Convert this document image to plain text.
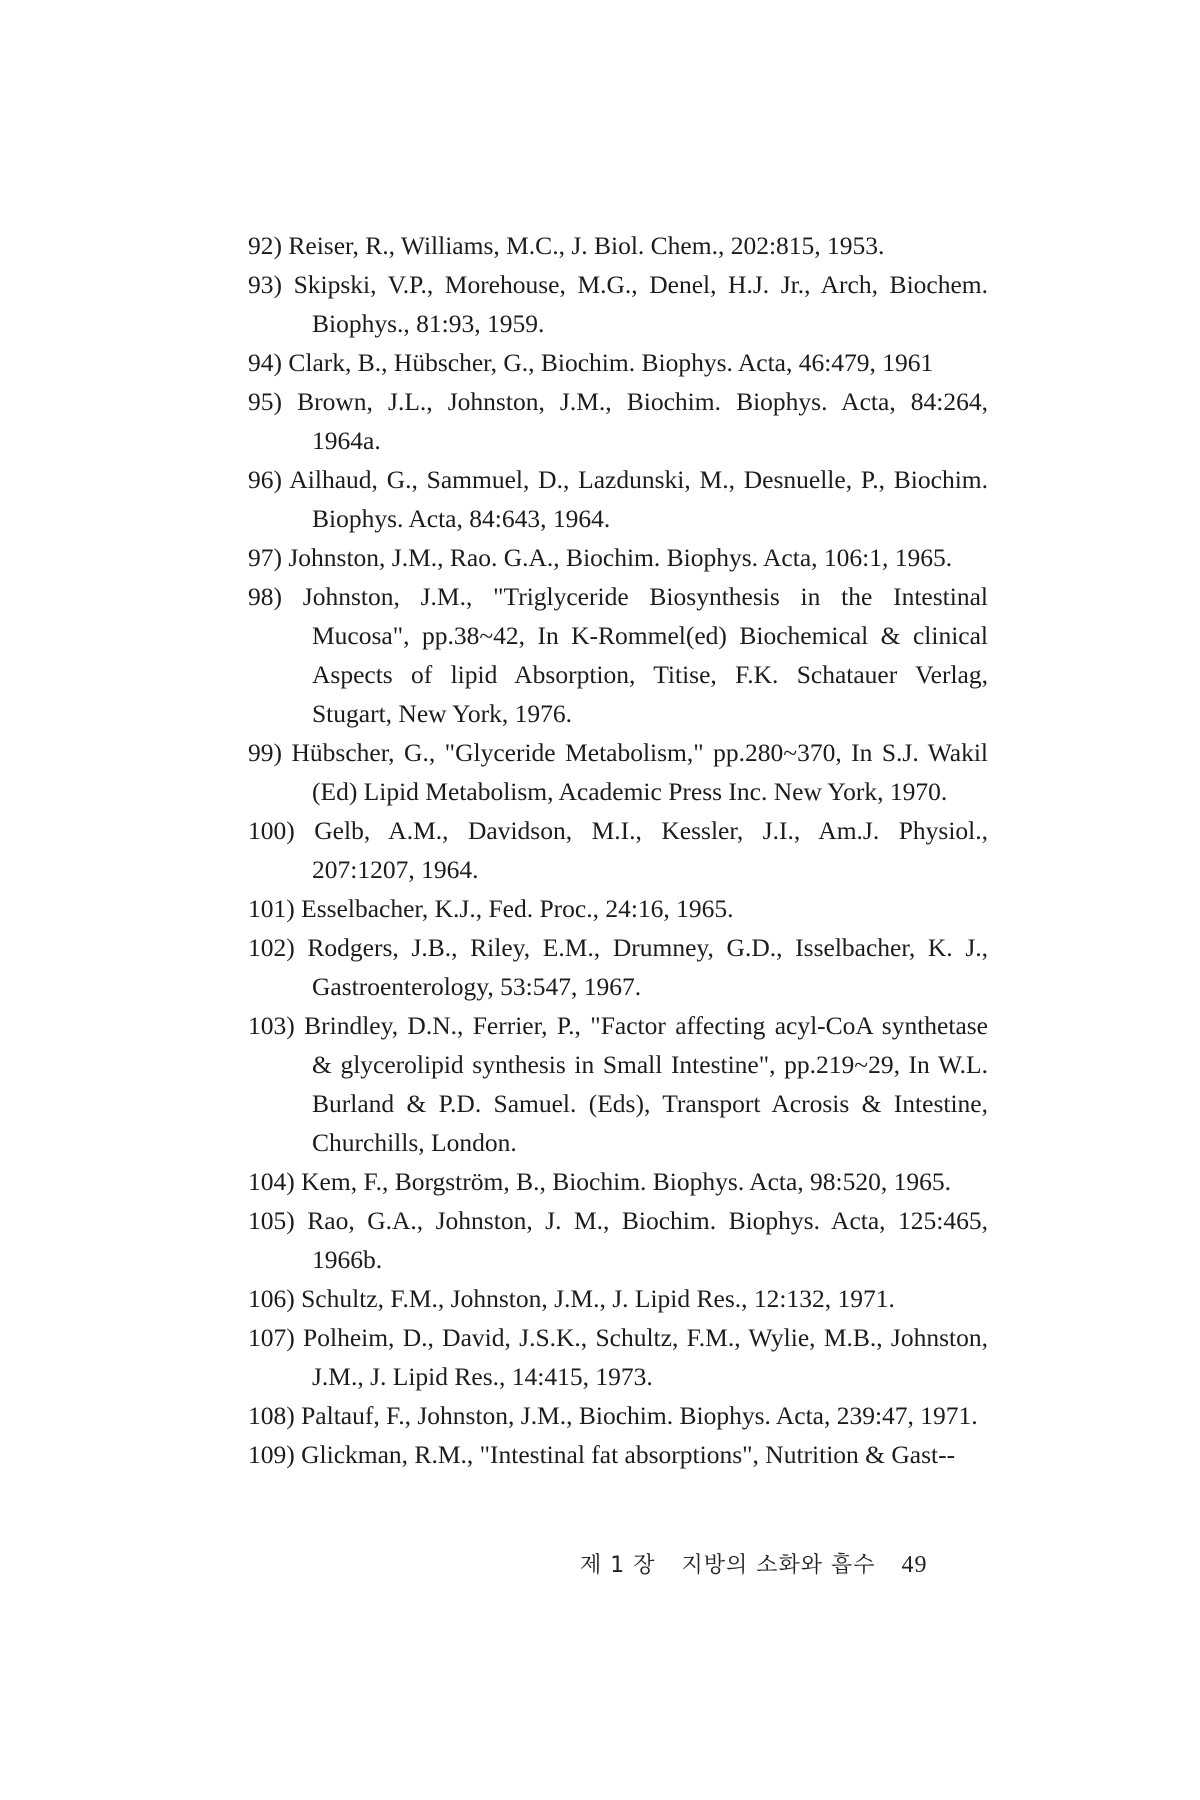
92) Reiser, R., Williams, M.C., J. Biol. Chem., 202:815, 1953.
93) Skipski, V.P., Morehouse, M.G., Denel, H.J. Jr., Arch, Biochem. Biophys., 81:93, 1959.
94) Clark, B., Hübscher, G., Biochim. Biophys. Acta, 46:479, 1961
95) Brown, J.L., Johnston, J.M., Biochim. Biophys. Acta, 84:264, 1964a.
96) Ailhaud, G., Sammuel, D., Lazdunski, M., Desnuelle, P., Biochim. Biophys. Acta, 84:643, 1964.
97) Johnston, J.M., Rao. G.A., Biochim. Biophys. Acta, 106:1, 1965.
98) Johnston, J.M., "Triglyceride Biosynthesis in the Intestinal Mucosa", pp.38~42, In K-Rommel(ed) Biochemical & clinical Aspects of lipid Absorption, Titise, F.K. Schatauer Verlag, Stugart, New York, 1976.
99) Hübscher, G., "Glyceride Metabolism," pp.280~370, In S.J. Wakil (Ed) Lipid Metabolism, Academic Press Inc. New York, 1970.
100) Gelb, A.M., Davidson, M.I., Kessler, J.I., Am.J. Physiol., 207:1207, 1964.
101) Esselbacher, K.J., Fed. Proc., 24:16, 1965.
102) Rodgers, J.B., Riley, E.M., Drumney, G.D., Isselbacher, K. J., Gastroenterology, 53:547, 1967.
103) Brindley, D.N., Ferrier, P., "Factor affecting acyl-CoA synthetase & glycerolipid synthesis in Small Intestine", pp.219~29, In W.L. Burland & P.D. Samuel. (Eds), Transport Acrosis & Intestine, Churchills, London.
104) Kem, F., Borgström, B., Biochim. Biophys. Acta, 98:520, 1965.
105) Rao, G.A., Johnston, J. M., Biochim. Biophys. Acta, 125:465, 1966b.
106) Schultz, F.M., Johnston, J.M., J. Lipid Res., 12:132, 1971.
107) Polheim, D., David, J.S.K., Schultz, F.M., Wylie, M.B., Johnston, J.M., J. Lipid Res., 14:415, 1973.
108) Paltauf, F., Johnston, J.M., Biochim. Biophys. Acta, 239:47, 1971.
109) Glickman, R.M., "Intestinal fat absorptions", Nutrition & Gast--
제 1 장 지방의 소화와 흡수 49
